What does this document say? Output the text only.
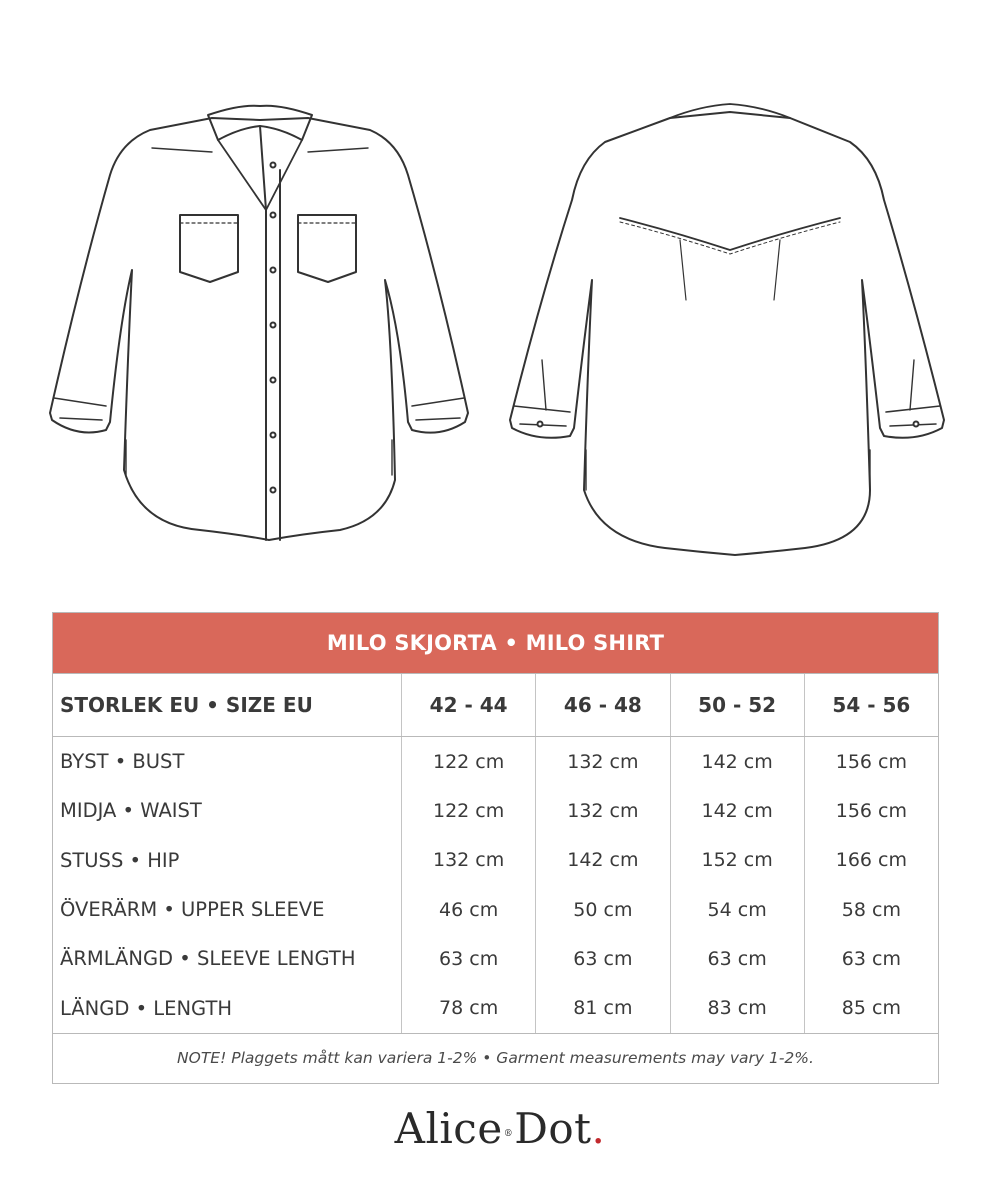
MILO SKJORTA • MILO SHIRT
STORLEK EU • SIZE EU	42 - 44	46 - 48	50 - 52	54 - 56
BYST • BUST	122 cm	132 cm	142 cm	156 cm
MIDJA • WAIST	122 cm	132 cm	142 cm	156 cm
STUSS • HIP	132 cm	142 cm	152 cm	166 cm
ÖVERÄRM • UPPER SLEEVE	46 cm	50 cm	54 cm	58 cm
ÄRMLÄNGD • SLEEVE LENGTH	63 cm	63 cm	63 cm	63 cm
LÄNGD • LENGTH	78 cm	81 cm	83 cm	85 cm
NOTE! Plaggets mått kan variera 1-2% • Garment measurements may vary 1-2%.
Alice ® Dot .
